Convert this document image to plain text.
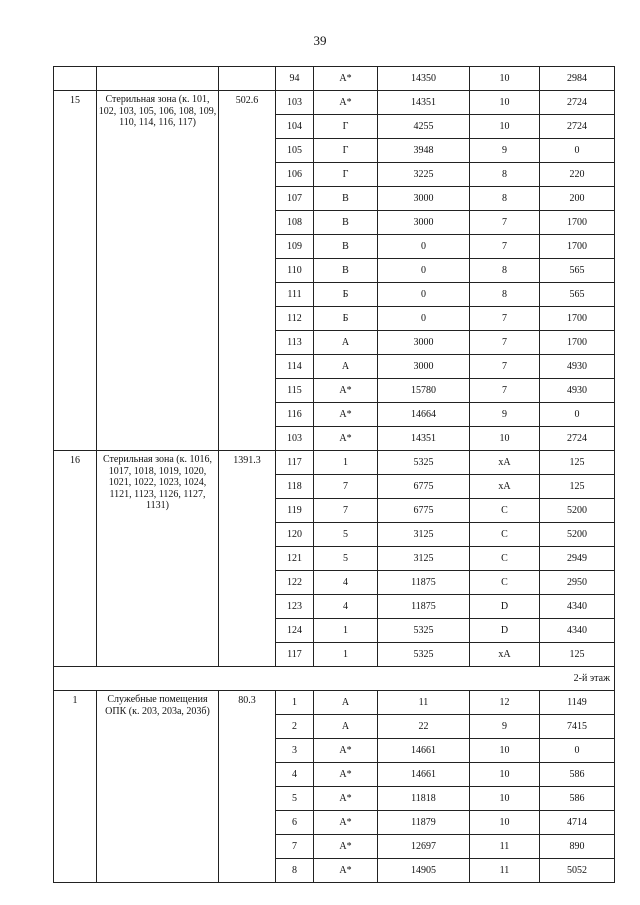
39
			94	А*	14350	10	2984
15	Стерильная зона (к. 101, 102, 103, 105, 106, 108, 109, 110, 114, 116, 117)	502.6	103	А*	14351	10	2724
			104	Г	4255	10	2724
			105	Г	3948	9	0
			106	Г	3225	8	220
			107	В	3000	8	200
			108	В	3000	7	1700
			109	В	0	7	1700
			110	В	0	8	565
			111	Б	0	8	565
			112	Б	0	7	1700
			113	А	3000	7	1700
			114	А	3000	7	4930
			115	А*	15780	7	4930
			116	А*	14664	9	0
			103	А*	14351	10	2724
16	Стерильная зона (к. 1016, 1017, 1018, 1019, 1020, 1021, 1022, 1023, 1024, 1121, 1123, 1126, 1127, 1131)	1391.3	117	1	5325	xA	125
			118	7	6775	xA	125
			119	7	6775	C	5200
			120	5	3125	C	5200
			121	5	3125	C	2949
			122	4	11875	C	2950
			123	4	11875	D	4340
			124	1	5325	D	4340
			117	1	5325	xA	125
2-й этаж							
1	Служебные помещения ОПК (к. 203, 203а, 203б)	80.3	1	А	11	12	1149
			2	А	22	9	7415
			3	А*	14661	10	0
			4	А*	14661	10	586
			5	А*	11818	10	586
			6	А*	11879	10	4714
			7	А*	12697	11	890
			8	А*	14905	11	5052
